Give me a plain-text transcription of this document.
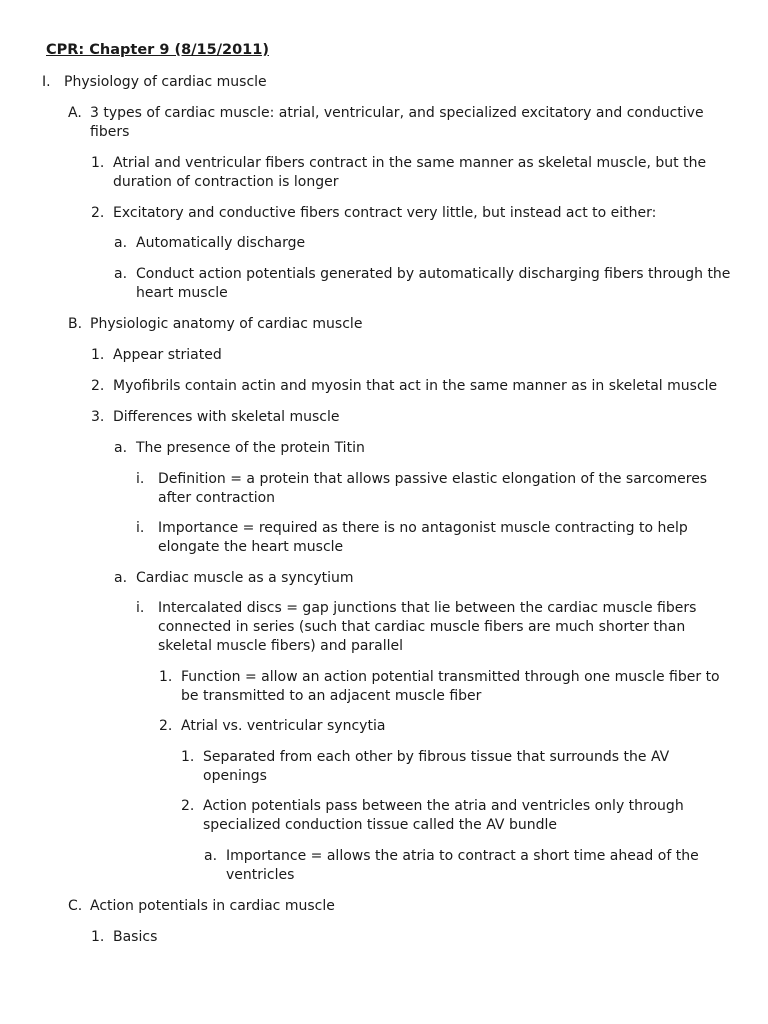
CPR: Chapter 9 (8/15/2011)
I. Physiology of cardiac muscle
A. 3 types of cardiac muscle: atrial, ventricular, and specialized excitatory and conductive fibers
1. Atrial and ventricular fibers contract in the same manner as skeletal muscle, but the duration of contraction is longer
2. Excitatory and conductive fibers contract very little, but instead act to either:
a. Automatically discharge
a. Conduct action potentials generated by automatically discharging fibers through the heart muscle
B. Physiologic anatomy of cardiac muscle
1. Appear striated
2. Myofibrils contain actin and myosin that act in the same manner as in skeletal muscle
3. Differences with skeletal muscle
a. The presence of the protein Titin
i. Definition = a protein that allows passive elastic elongation of the sarcomeres after contraction
i. Importance = required as there is no antagonist muscle contracting to help elongate the heart muscle
a. Cardiac muscle as a syncytium
i. Intercalated discs = gap junctions that lie between the cardiac muscle fibers connected in series (such that cardiac muscle fibers are much shorter than skeletal muscle fibers) and parallel
1. Function = allow an action potential transmitted through one muscle fiber to be transmitted to an adjacent muscle fiber
2. Atrial vs. ventricular syncytia
1. Separated from each other by fibrous tissue that surrounds the AV openings
2. Action potentials pass between the atria and ventricles only through specialized conduction tissue called the AV bundle
a. Importance = allows the atria to contract a short time ahead of the ventricles
C. Action potentials in cardiac muscle
1. Basics
